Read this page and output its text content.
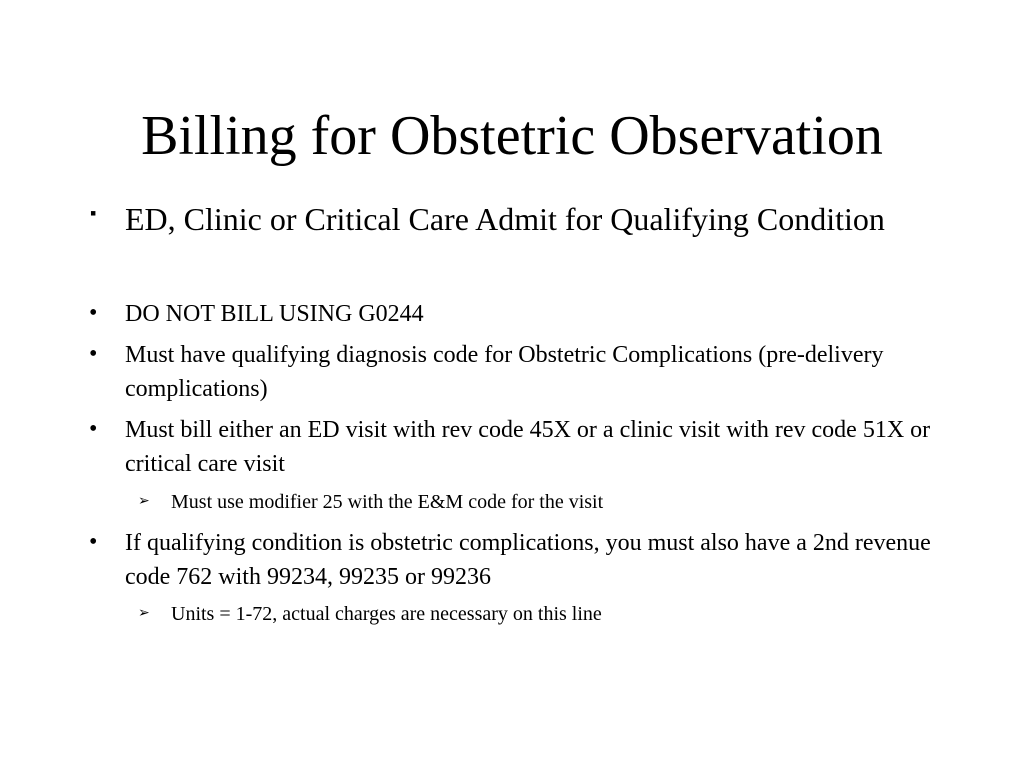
Billing for Obstetric Observation
▪ ED, Clinic or Critical Care Admit for Qualifying Condition
• DO NOT BILL USING G0244
• Must have qualifying diagnosis code for Obstetric Complications (pre-delivery complications)
• Must bill either an ED visit with rev code 45X or a clinic visit with rev code 51X or critical care visit
➢ Must use modifier 25 with the E&M code for the visit
• If qualifying condition is obstetric complications, you must also have a 2nd revenue code 762 with 99234, 99235 or 99236
➢ Units = 1-72, actual charges are necessary on this line
